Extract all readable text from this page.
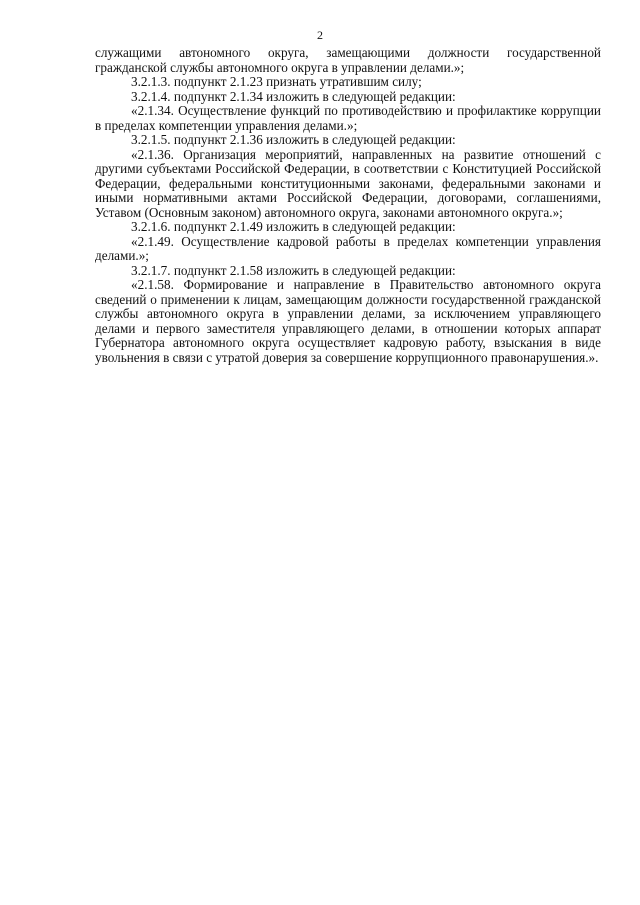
2

служащими автономного округа, замещающими должности государственной гражданской службы автономного округа в управлении делами.»;

3.2.1.3. подпункт 2.1.23 признать утратившим силу;

3.2.1.4. подпункт 2.1.34 изложить в следующей редакции:

«2.1.34. Осуществление функций по противодействию и профилактике коррупции в пределах компетенции управления делами.»;

3.2.1.5. подпункт 2.1.36 изложить в следующей редакции:

«2.1.36. Организация мероприятий, направленных на развитие отношений с другими субъектами Российской Федерации, в соответствии с Конституцией Российской Федерации, федеральными конституционными законами, федеральными законами и иными нормативными актами Российской Федерации, договорами, соглашениями, Уставом (Основным законом) автономного округа, законами автономного округа.»;

3.2.1.6. подпункт 2.1.49 изложить в следующей редакции:

«2.1.49. Осуществление кадровой работы в пределах компетенции управления делами.»;

3.2.1.7. подпункт 2.1.58 изложить в следующей редакции:

«2.1.58. Формирование и направление в Правительство автономного округа сведений о применении к лицам, замещающим должности государственной гражданской службы автономного округа в управлении делами, за исключением управляющего делами и первого заместителя управляющего делами, в отношении которых аппарат Губернатора автономного округа осуществляет кадровую работу, взыскания в виде увольнения в связи с утратой доверия за совершение коррупционного правонарушения.».
